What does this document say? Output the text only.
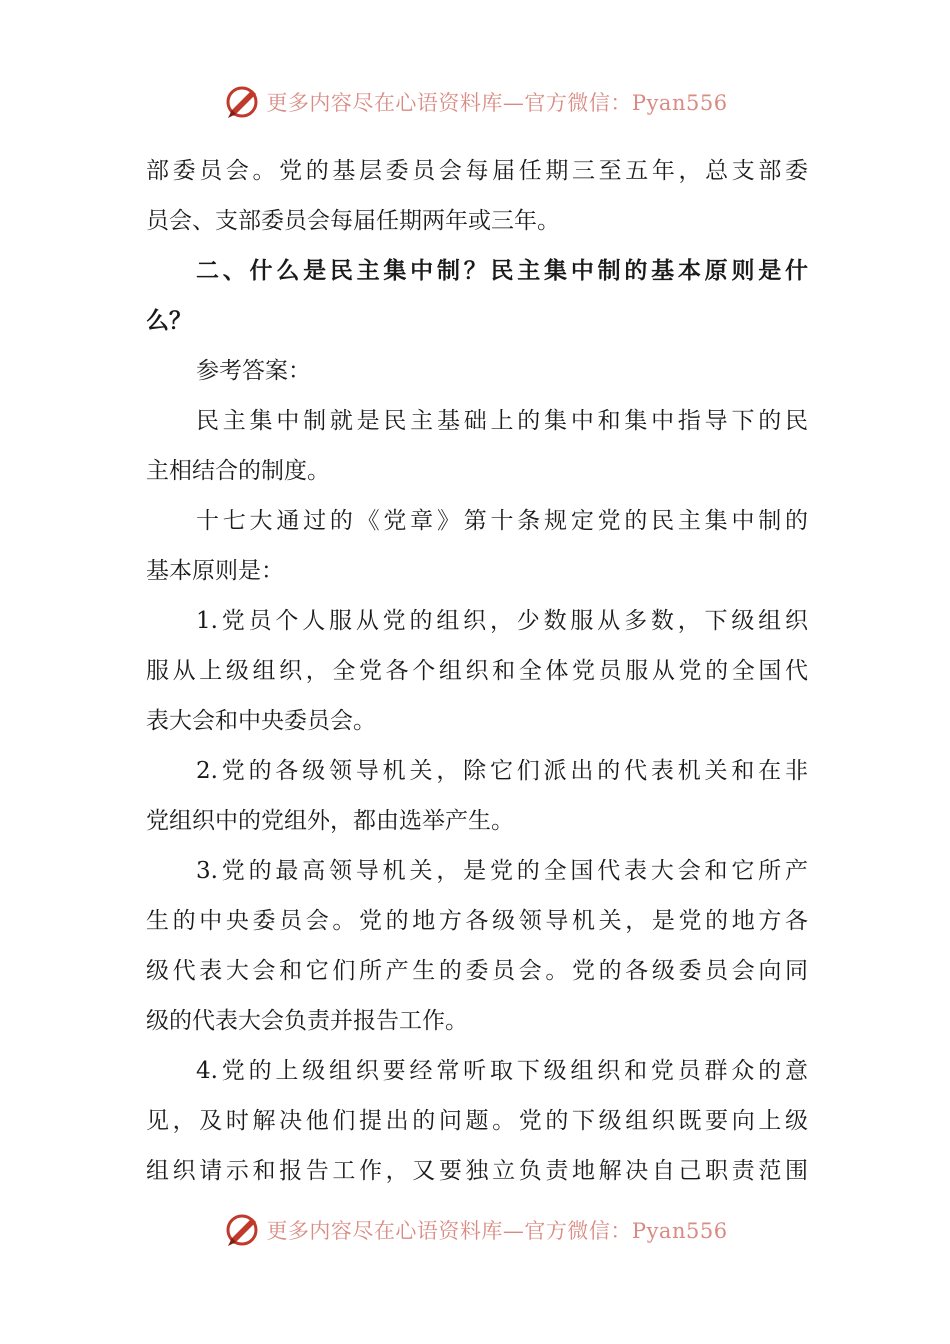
更多内容尽在心语资料库—官方微信：Pyan556
部委员会。党的基层委员会每届任期三至五年，总支部委
员会、支部委员会每届任期两年或三年。
二、什么是民主集中制？民主集中制的基本原则是什
么？
参考答案：
民主集中制就是民主基础上的集中和集中指导下的民
主相结合的制度。
十七大通过的《党章》第十条规定党的民主集中制的
基本原则是：
1.党员个人服从党的组织，少数服从多数，下级组织
服从上级组织，全党各个组织和全体党员服从党的全国代
表大会和中央委员会。
2.党的各级领导机关，除它们派出的代表机关和在非
党组织中的党组外，都由选举产生。
3.党的最高领导机关，是党的全国代表大会和它所产
生的中央委员会。党的地方各级领导机关，是党的地方各
级代表大会和它们所产生的委员会。党的各级委员会向同
级的代表大会负责并报告工作。
4.党的上级组织要经常听取下级组织和党员群众的意
见，及时解决他们提出的问题。党的下级组织既要向上级
组织请示和报告工作，又要独立负责地解决自己职责范围
更多内容尽在心语资料库—官方微信：Pyan556
